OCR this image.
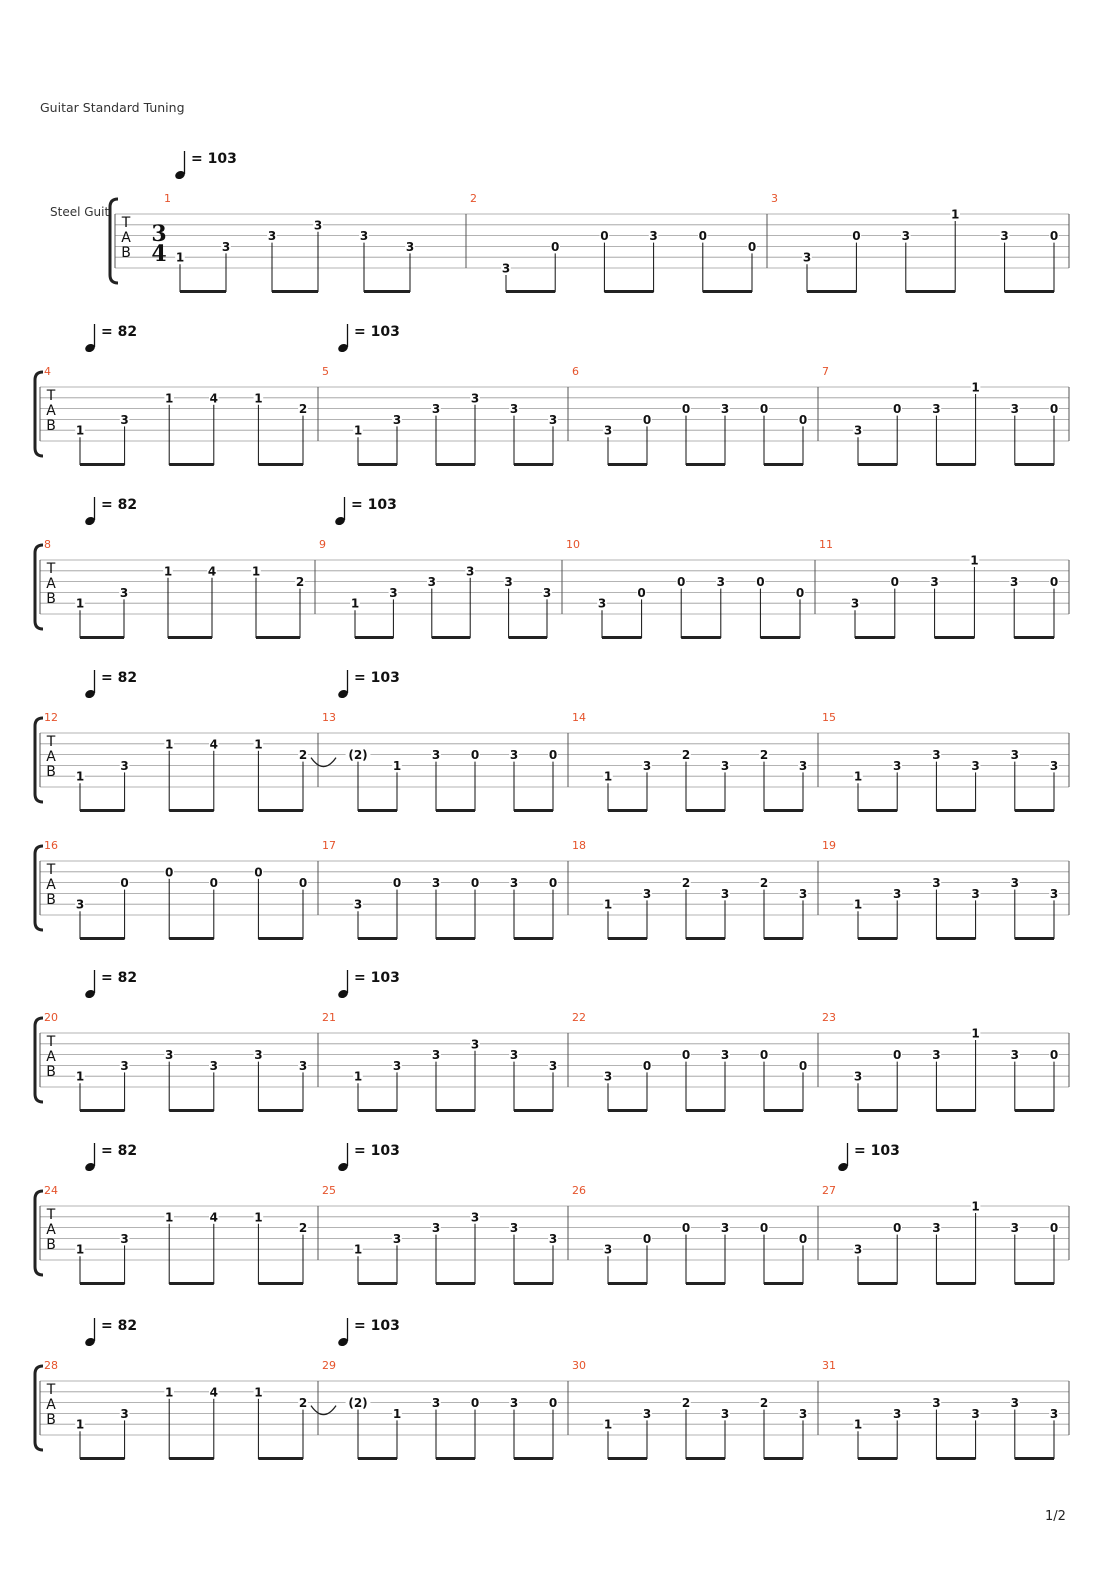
Guitar Standard Tuning
Steel Guit
T
A
B
3
4
= 103
1
1
3
3
3
3
3
2
3
0
0	3	0
0
3
3
0	3
1
3	0
T
A
B
= 82	= 103
4
1
3
1	4	1
2
5
1
3
3
3
3
3
6
3
0
0	3	0
0
7
3
0	3
1
3	0
T
A
B
= 82	= 103
8
1
3
1	4	1
2
9
1
3
3
3
3
3
10
3
0
0	3	0
0
11
3
0	3
1
3	0
T
A
B
= 82	= 103
12
1
3
1	4	1
2
13
(2)
1
3	0	3	0
14
1
3
2
3
2
3
15
1
3
3
3
3
3
T
A
B
16
3
0
0
0
0
0
17
3
0	3	0	3	0
18
1
3
2
3
2
3
19
1
3
3
3
3
3
T
A
B
= 82	= 103
20
1
3
3
3
3
3
21
1
3
3
3
3
3
22
3
0
0	3	0
0
23
3
0	3
1
3	0
T
A
B
= 82	= 103	= 103
24
1
3
1	4	1
2
25
1
3
3
3
3
3
26
3
0
0	3	0
0
27
3
0	3
1
3	0
T
A
B
= 82	= 103
28
1
3
1	4	1
2
29
(2)
1
3	0	3	0
30
1
3
2
3
2
3
31
1
3
3
3
3
3
1/2
